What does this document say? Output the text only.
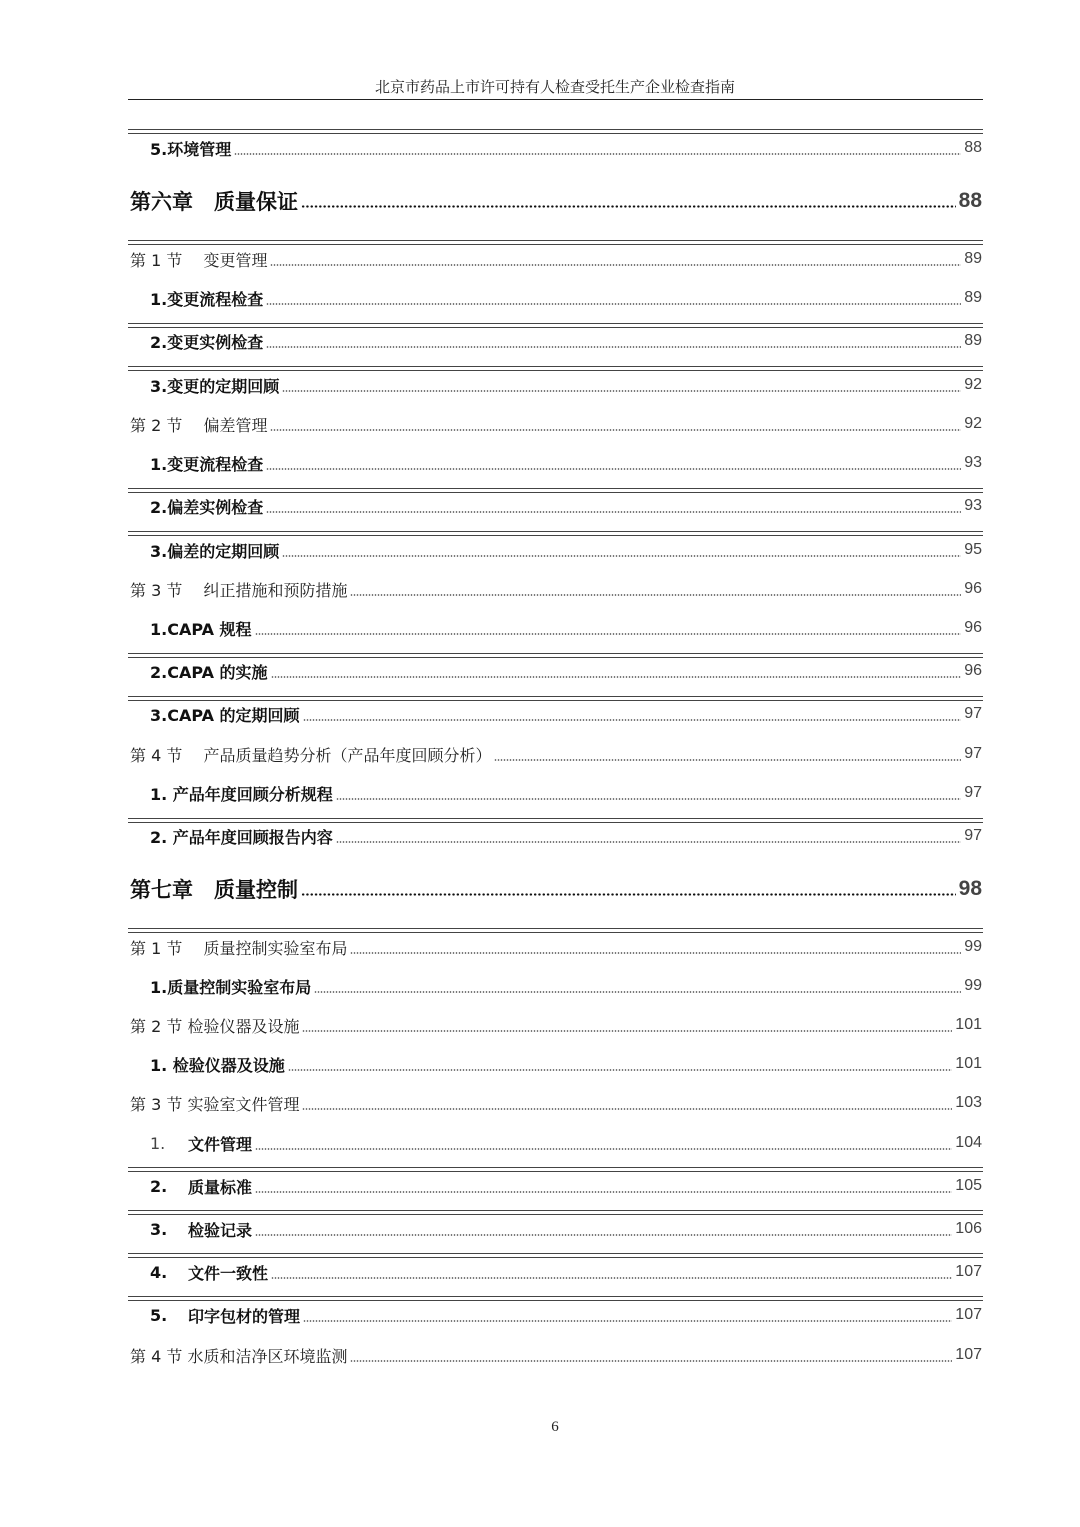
北京市药品上市许可持有人检查受托生产企业检查指南
5.环境管理	88
第六章　质量保证	88
第 1 节　 变更管理	89
1.变更流程检查	89
2.变更实例检查	89
3.变更的定期回顾	92
第 2 节　 偏差管理	92
1.变更流程检查	93
2.偏差实例检查	93
3.偏差的定期回顾	95
第 3 节　 纠正措施和预防措施	96
1.CAPA 规程	96
2.CAPA 的实施	96
3.CAPA 的定期回顾	97
第 4 节　 产品质量趋势分析（产品年度回顾分析）	97
1. 产品年度回顾分析规程	97
2. 产品年度回顾报告内容	97
第七章　质量控制	98
第 1 节　 质量控制实验室布局	99
1.质量控制实验室布局	99
第 2 节 检验仪器及设施	101
1. 检验仪器及设施	101
第 3 节 实验室文件管理	103
1.	文件管理	104
2.	质量标准	105
3.	检验记录	106
4.	文件一致性	107
5.	印字包材的管理	107
第 4 节 水质和洁净区环境监测	107
6
